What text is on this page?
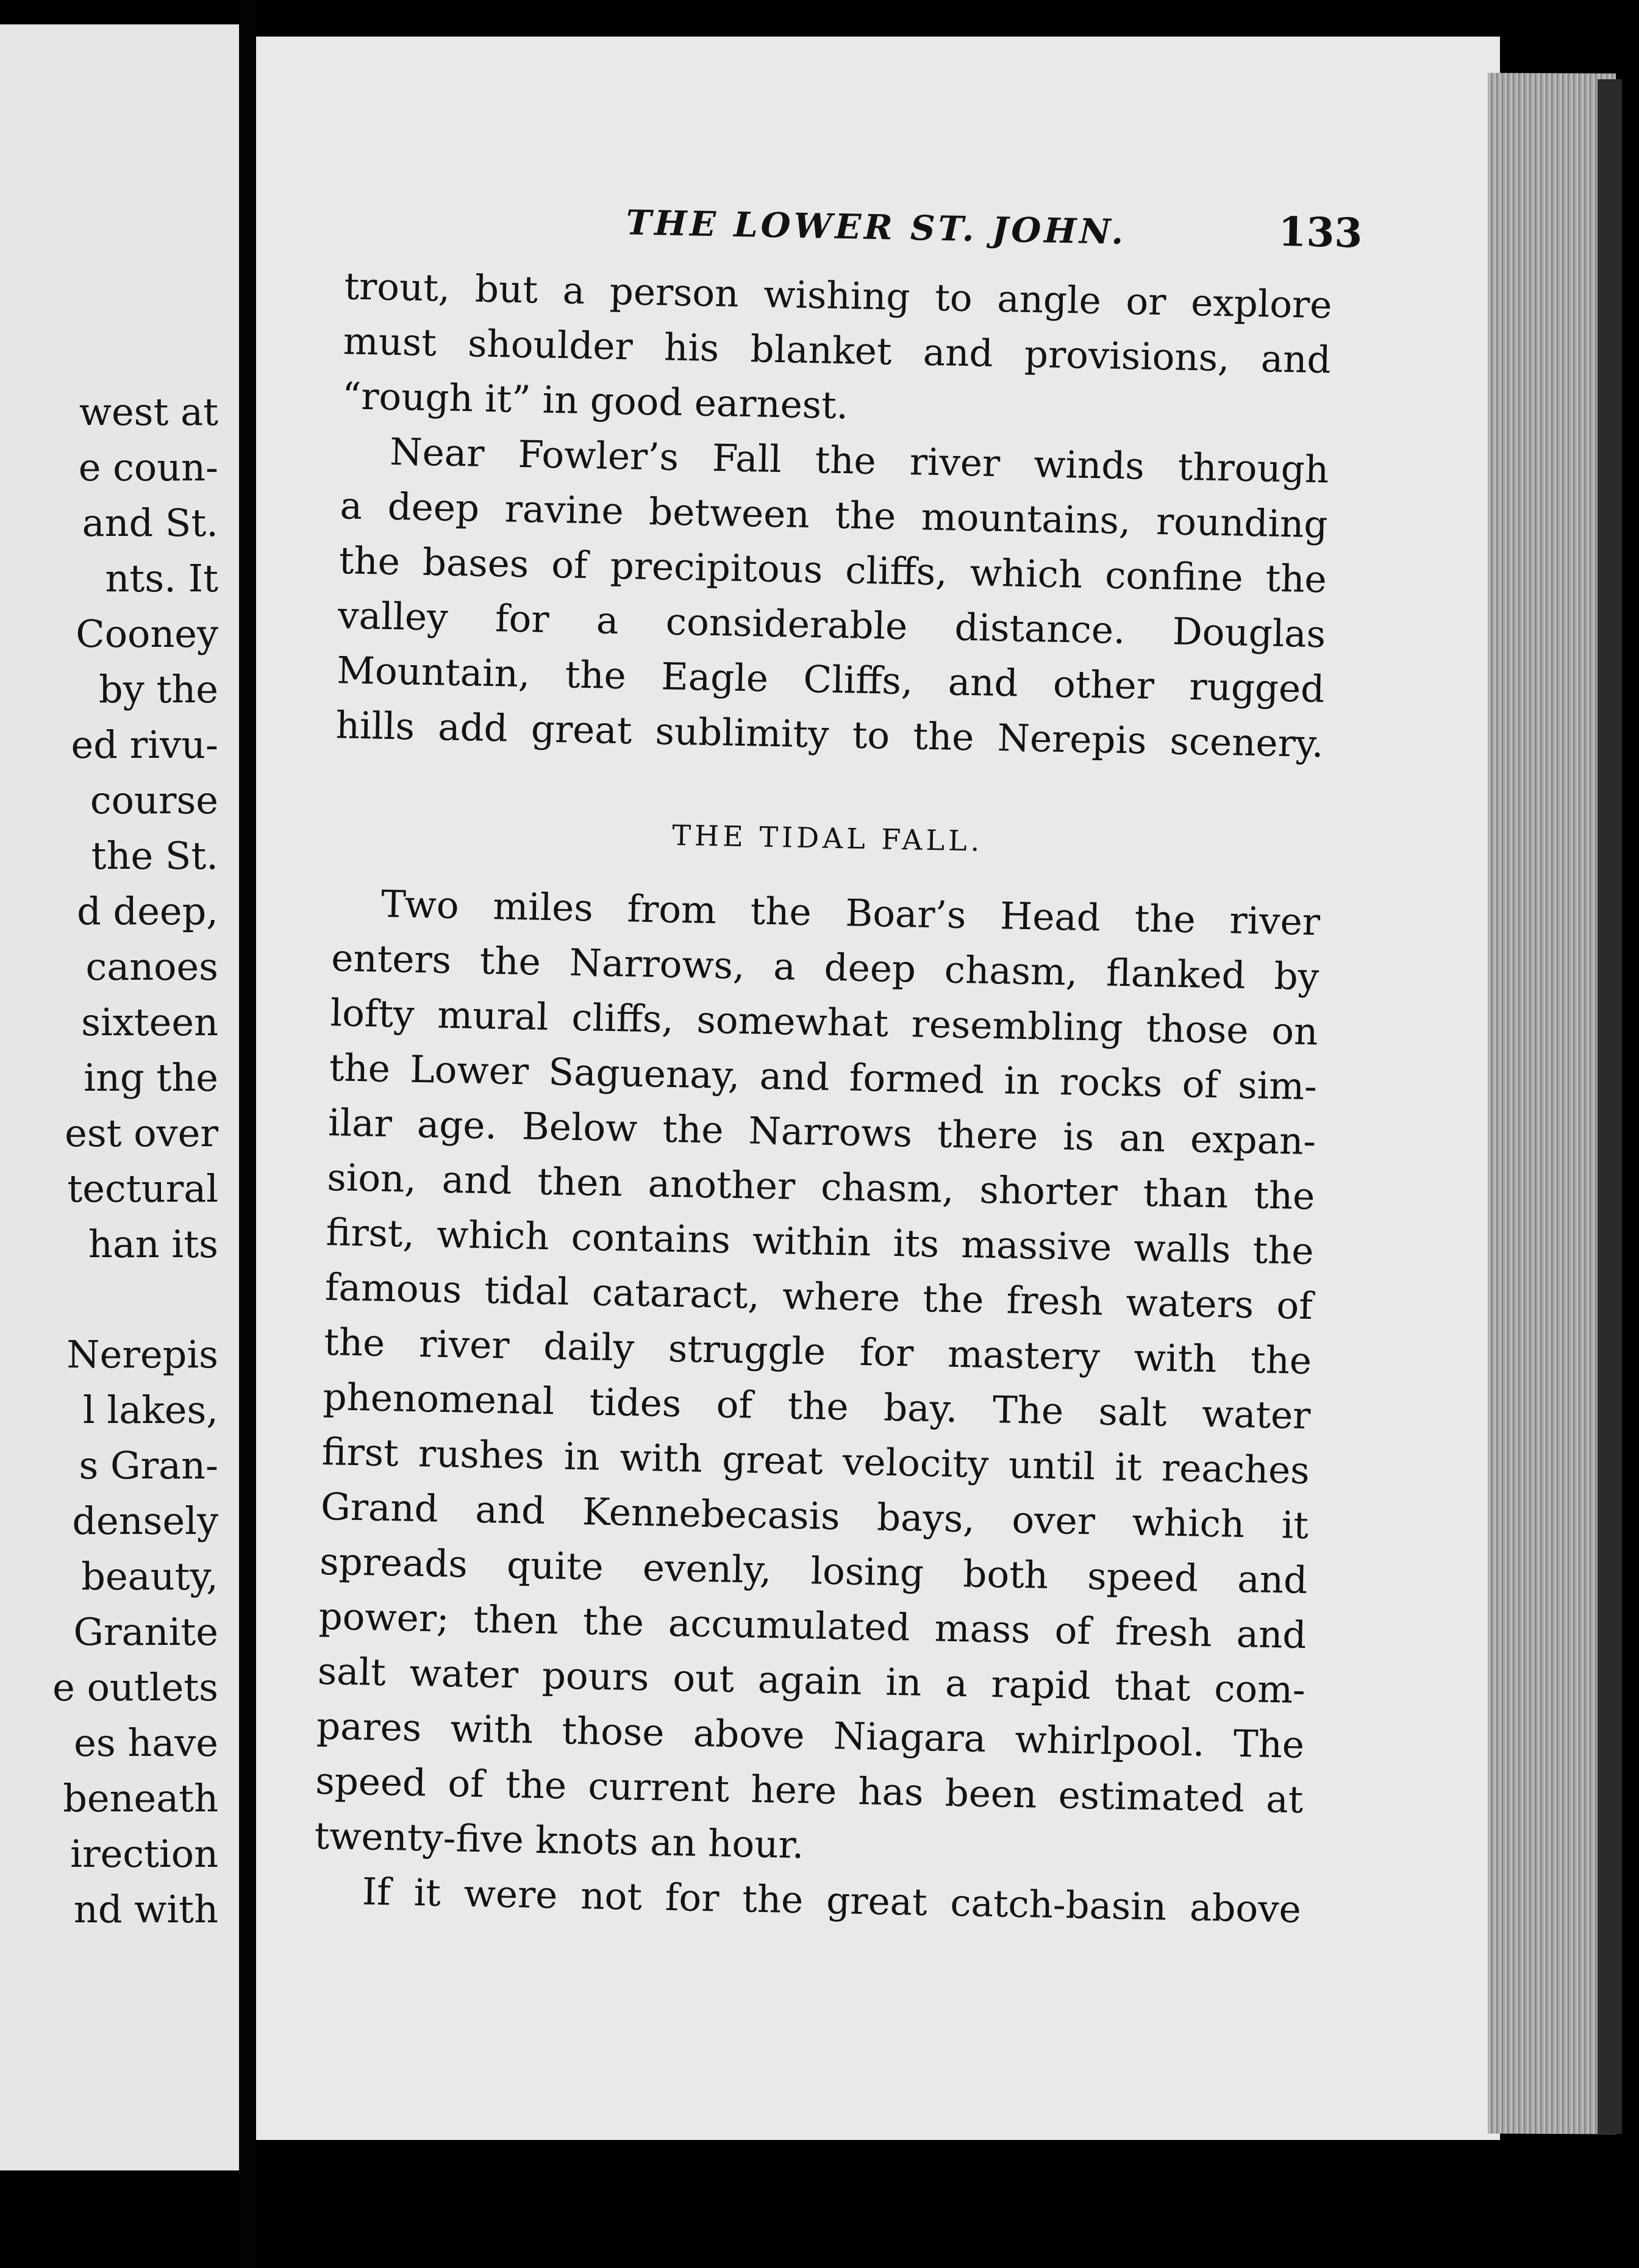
west at
e coun-
and St.
nts. It
Cooney
by the
ed rivu-
course
the St.
d deep,
canoes
sixteen
ing the
est over
tectural
han its
Nerepis
l lakes,
s Gran-
densely
beauty,
Granite
e outlets
es have
beneath
irection
nd with
THE LOWER ST. JOHN.	133
trout, but a person wishing to angle or explore
must shoulder his blanket and provisions, and
“rough it” in good earnest.
Near Fowler’s Fall the river winds through
a deep ravine between the mountains, rounding
the bases of precipitous cliffs, which confine the
valley for a considerable distance. Douglas
Mountain, the Eagle Cliffs, and other rugged
hills add great sublimity to the Nerepis scenery.
THE TIDAL FALL.
Two miles from the Boar’s Head the river
enters the Narrows, a deep chasm, flanked by
lofty mural cliffs, somewhat resembling those on
the Lower Saguenay, and formed in rocks of sim-
ilar age. Below the Narrows there is an expan-
sion, and then another chasm, shorter than the
first, which contains within its massive walls the
famous tidal cataract, where the fresh waters of
the river daily struggle for mastery with the
phenomenal tides of the bay. The salt water
first rushes in with great velocity until it reaches
Grand and Kennebecasis bays, over which it
spreads quite evenly, losing both speed and
power; then the accumulated mass of fresh and
salt water pours out again in a rapid that com-
pares with those above Niagara whirlpool. The
speed of the current here has been estimated at
twenty-five knots an hour.
If it were not for the great catch-basin above
